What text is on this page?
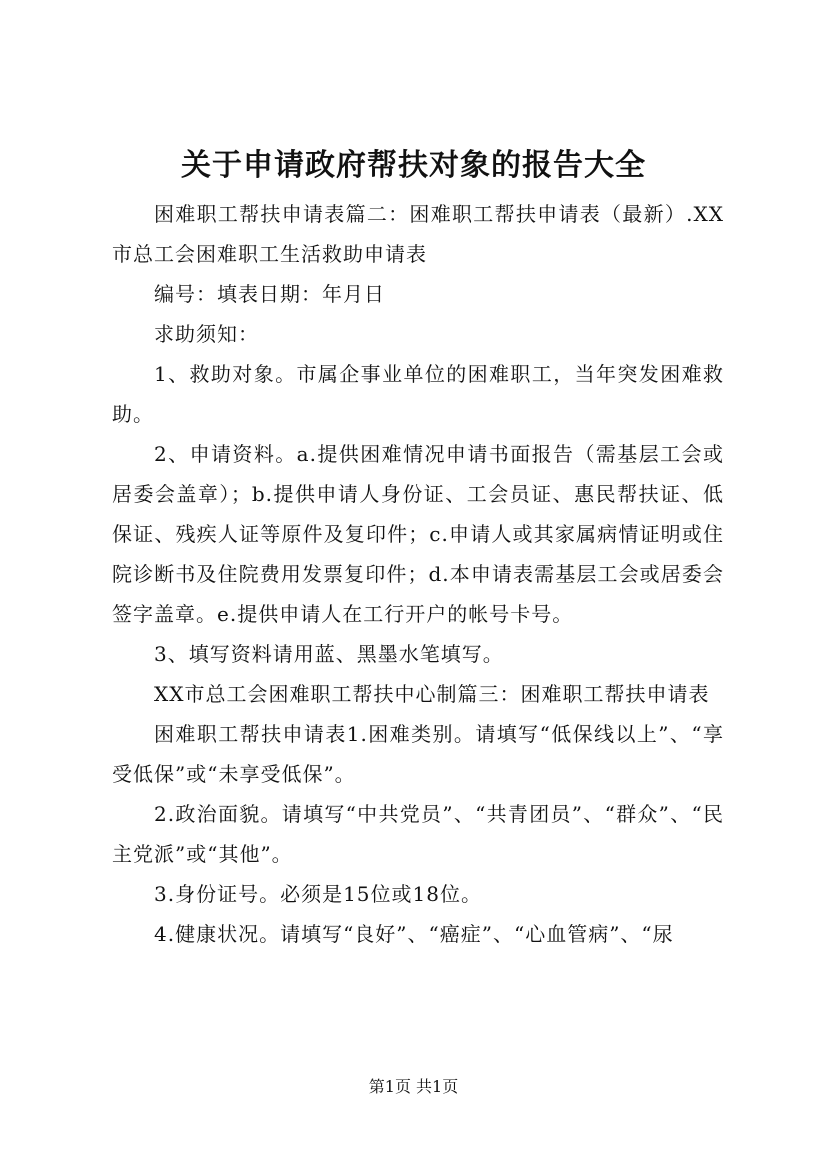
关于申请政府帮扶对象的报告大全

困难职工帮扶申请表篇二：困难职工帮扶申请表（最新）.XX市总工会困难职工生活救助申请表

编号：填表日期：年月日

求助须知：

1、救助对象。市属企事业单位的困难职工，当年突发困难救助。

2、申请资料。a.提供困难情况申请书面报告（需基层工会或居委会盖章）；b.提供申请人身份证、工会员证、惠民帮扶证、低保证、残疾人证等原件及复印件；c.申请人或其家属病情证明或住院诊断书及住院费用发票复印件；d.本申请表需基层工会或居委会签字盖章。e.提供申请人在工行开户的帐号卡号。

3、填写资料请用蓝、黑墨水笔填写。

XX市总工会困难职工帮扶中心制篇三：困难职工帮扶申请表

困难职工帮扶申请表1.困难类别。请填写“低保线以上”、“享受低保”或“未享受低保”。

2.政治面貌。请填写“中共党员”、“共青团员”、“群众”、“民主党派”或“其他”。

3.身份证号。必须是15位或18位。

4.健康状况。请填写“良好”、“癌症”、“心血管病”、“尿

第1页 共1页
